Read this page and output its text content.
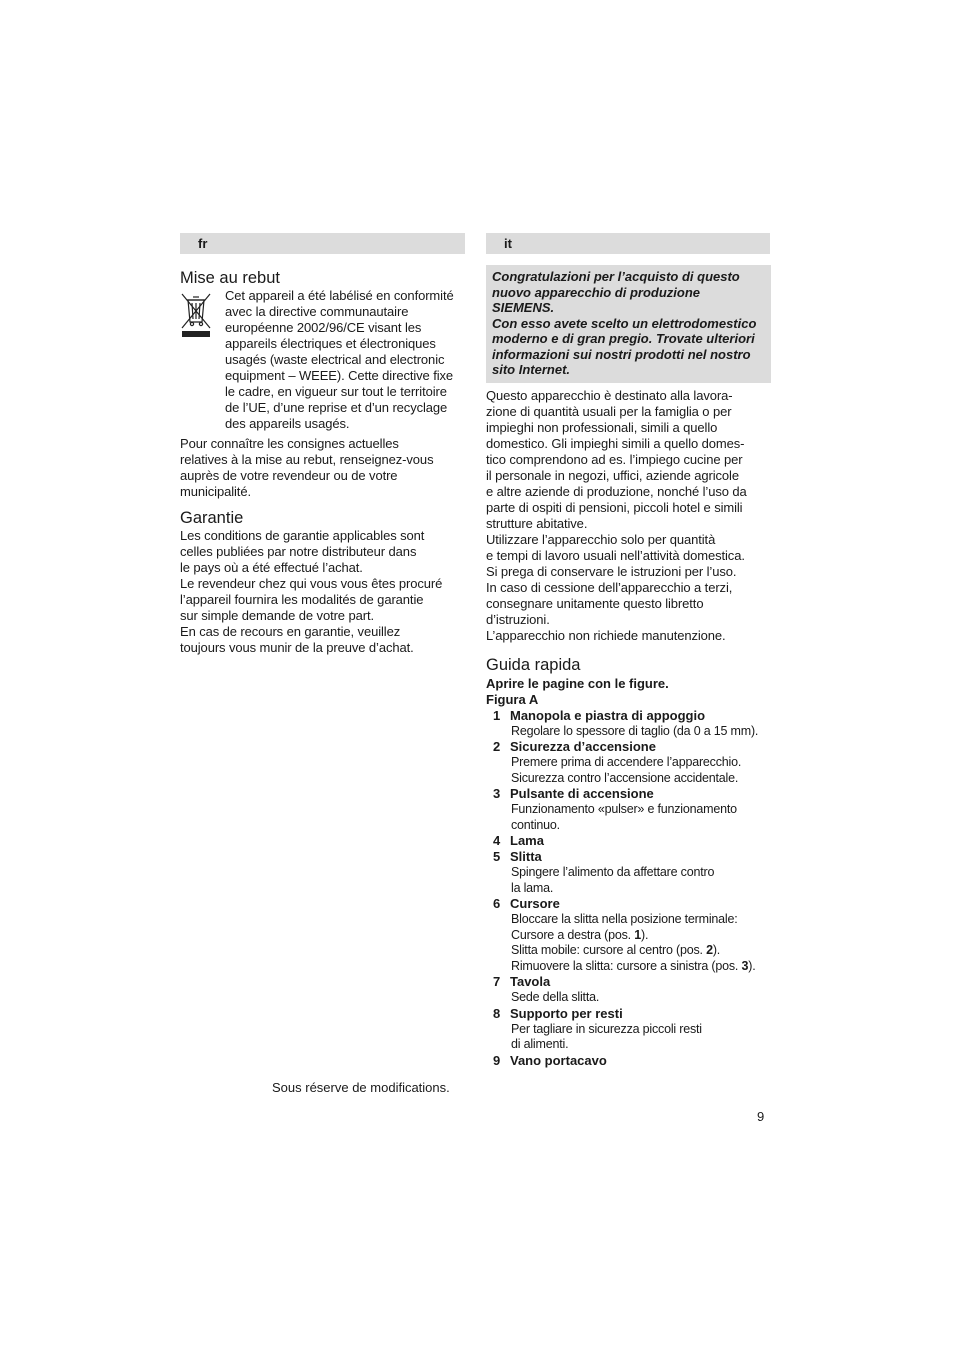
fr
Mise au rebut

Cet appareil a été labélisé en conformité
avec la directive communautaire
européenne 2002/96/CE visant les
appareils électriques et électroniques
usagés (waste electrical and electronic
equipment – WEEE). Cette directive fixe
le cadre, en vigueur sur tout le territoire
de l’UE, d’une reprise et d’un recyclage
des appareils usagés.

Pour connaître les consignes actuelles
relatives à la mise au rebut, renseignez-vous
auprès de votre revendeur ou de votre
municipalité.

Garantie

Les conditions de garantie applicables sont
celles publiées par notre distributeur dans
le pays où a été effectué l’achat.
Le revendeur chez qui vous vous êtes procuré
l’appareil fournira les modalités de garantie
sur simple demande de votre part.
En cas de recours en garantie, veuillez
toujours vous munir de la preuve d’achat.

it
Congratulazioni per l’acquisto di questo
nuovo apparecchio di produzione SIEMENS.
Con esso avete scelto un elettrodomestico
moderno e di gran pregio. Trovate ulteriori
informazioni sui nostri prodotti nel nostro
sito Internet.

Questo apparecchio è destinato alla lavora-
zione di quantità usuali per la famiglia o per
impieghi non professionali, simili a quello
domestico. Gli impieghi simili a quello domes-
tico comprendono ad es. l’impiego cucine per
il personale in negozi, uffici, aziende agricole
e altre aziende di produzione, nonché l’uso da
parte di ospiti di pensioni, piccoli hotel e simili
strutture abitative.
Utilizzare l’apparecchio solo per quantità
e tempi di lavoro usuali nell’attività domestica.
Si prega di conservare le istruzioni per l’uso.
In caso di cessione dell’apparecchio a terzi,
consegnare unitamente questo libretto
d’istruzioni.
L’apparecchio non richiede manutenzione.

Guida rapida

Aprire le pagine con le figure.

Figura A

1 Manopola e piastra di appoggio
Regolare lo spessore di taglio (da 0 a 15 mm).
2 Sicurezza d’accensione
Premere prima di accendere l’apparecchio.
Sicurezza contro l’accensione accidentale.
3 Pulsante di accensione
Funzionamento «pulser» e funzionamento
continuo.
4 Lama
5 Slitta
Spingere l’alimento da affettare contro
la lama.
6 Cursore
Bloccare la slitta nella posizione terminale:
Cursore a destra (pos. 1).
Slitta mobile: cursore al centro (pos. 2).
Rimuovere la slitta: cursore a sinistra (pos. 3).
7 Tavola
Sede della slitta.
8 Supporto per resti
Per tagliare in sicurezza piccoli resti
di alimenti.
9 Vano portacavo
Sous réserve de modifications.
9
